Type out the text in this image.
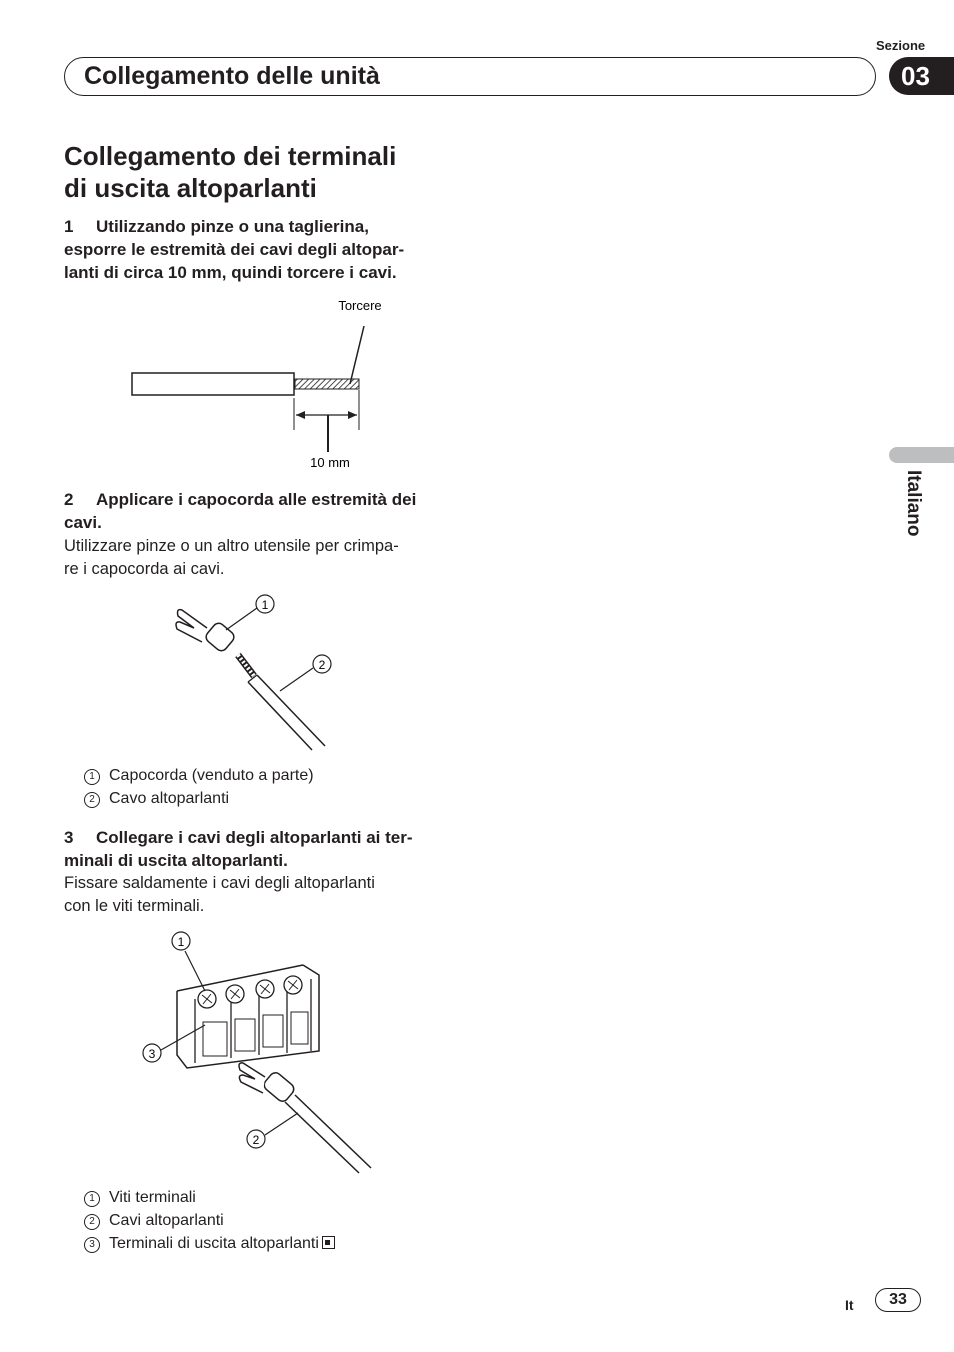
Sezione
03
Collegamento delle unità
Collegamento dei terminali
di uscita altoparlanti
1 Utilizzando pinze o una taglierina,
esporre le estremità dei cavi degli altopar-
lanti di circa 10 mm, quindi torcere i cavi.
Torcere
10 mm
2 Applicare i capocorda alle estremità dei
cavi.
Utilizzare pinze o un altro utensile per crimpa-
re i capocorda ai cavi.
1
2
1 Capocorda (venduto a parte)
2 Cavo altoparlanti
3 Collegare i cavi degli altoparlanti ai ter-
minali di uscita altoparlanti.
Fissare saldamente i cavi degli altoparlanti
con le viti terminali.
1
3
2
1 Viti terminali
2 Cavi altoparlanti
3 Terminali di uscita altoparlanti
Italiano
It	33
